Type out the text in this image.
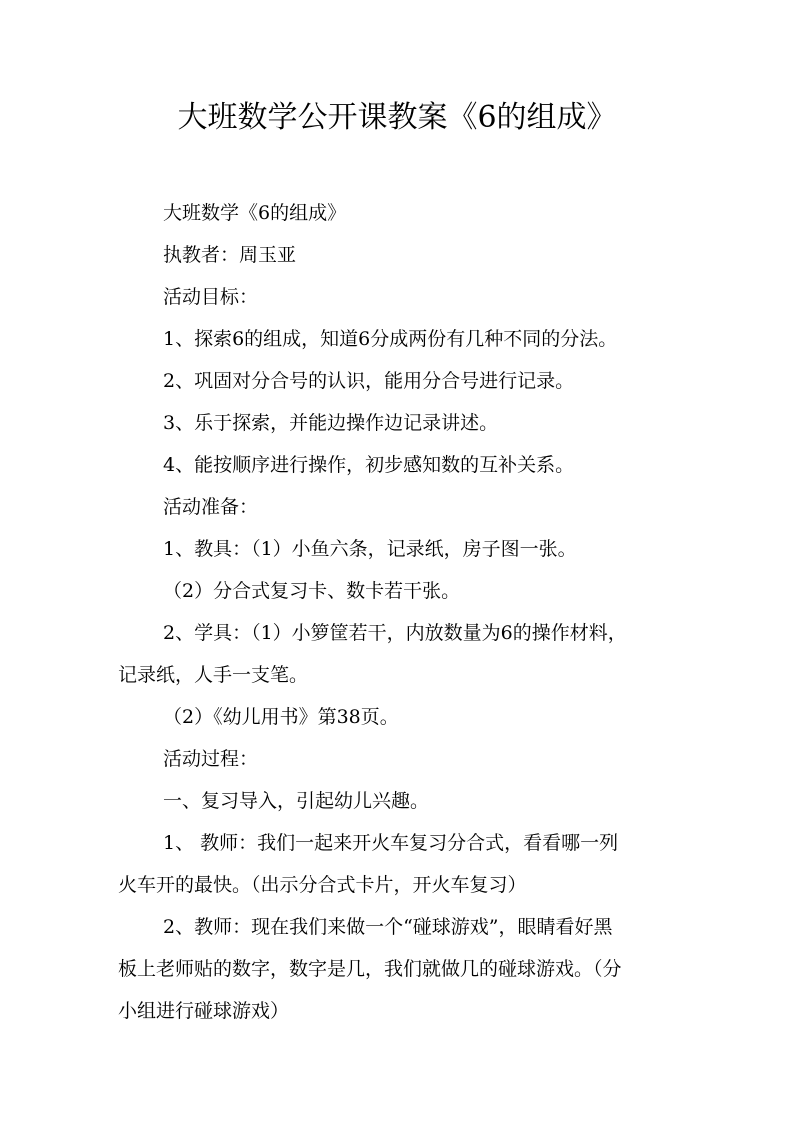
大班数学公开课教案《6的组成》

大班数学《6的组成》

执教者：周玉亚

活动目标：

1、探索6的组成，知道6分成两份有几种不同的分法。

2、巩固对分合号的认识，能用分合号进行记录。

3、乐于探索，并能边操作边记录讲述。

4、能按顺序进行操作，初步感知数的互补关系。

活动准备：

1、教具：（1）小鱼六条，记录纸，房子图一张。

（2）分合式复习卡、数卡若干张。

2、学具：（1）小箩筐若干，内放数量为6的操作材料，

记录纸，人手一支笔。

（2）《幼儿用书》第38页。

活动过程：

一、复习导入，引起幼儿兴趣。

1、 教师：我们一起来开火车复习分合式，看看哪一列

火车开的最快。（出示分合式卡片，开火车复习）

2、教师：现在我们来做一个“碰球游戏”，眼睛看好黑

板上老师贴的数字，数字是几，我们就做几的碰球游戏。（分

小组进行碰球游戏）
